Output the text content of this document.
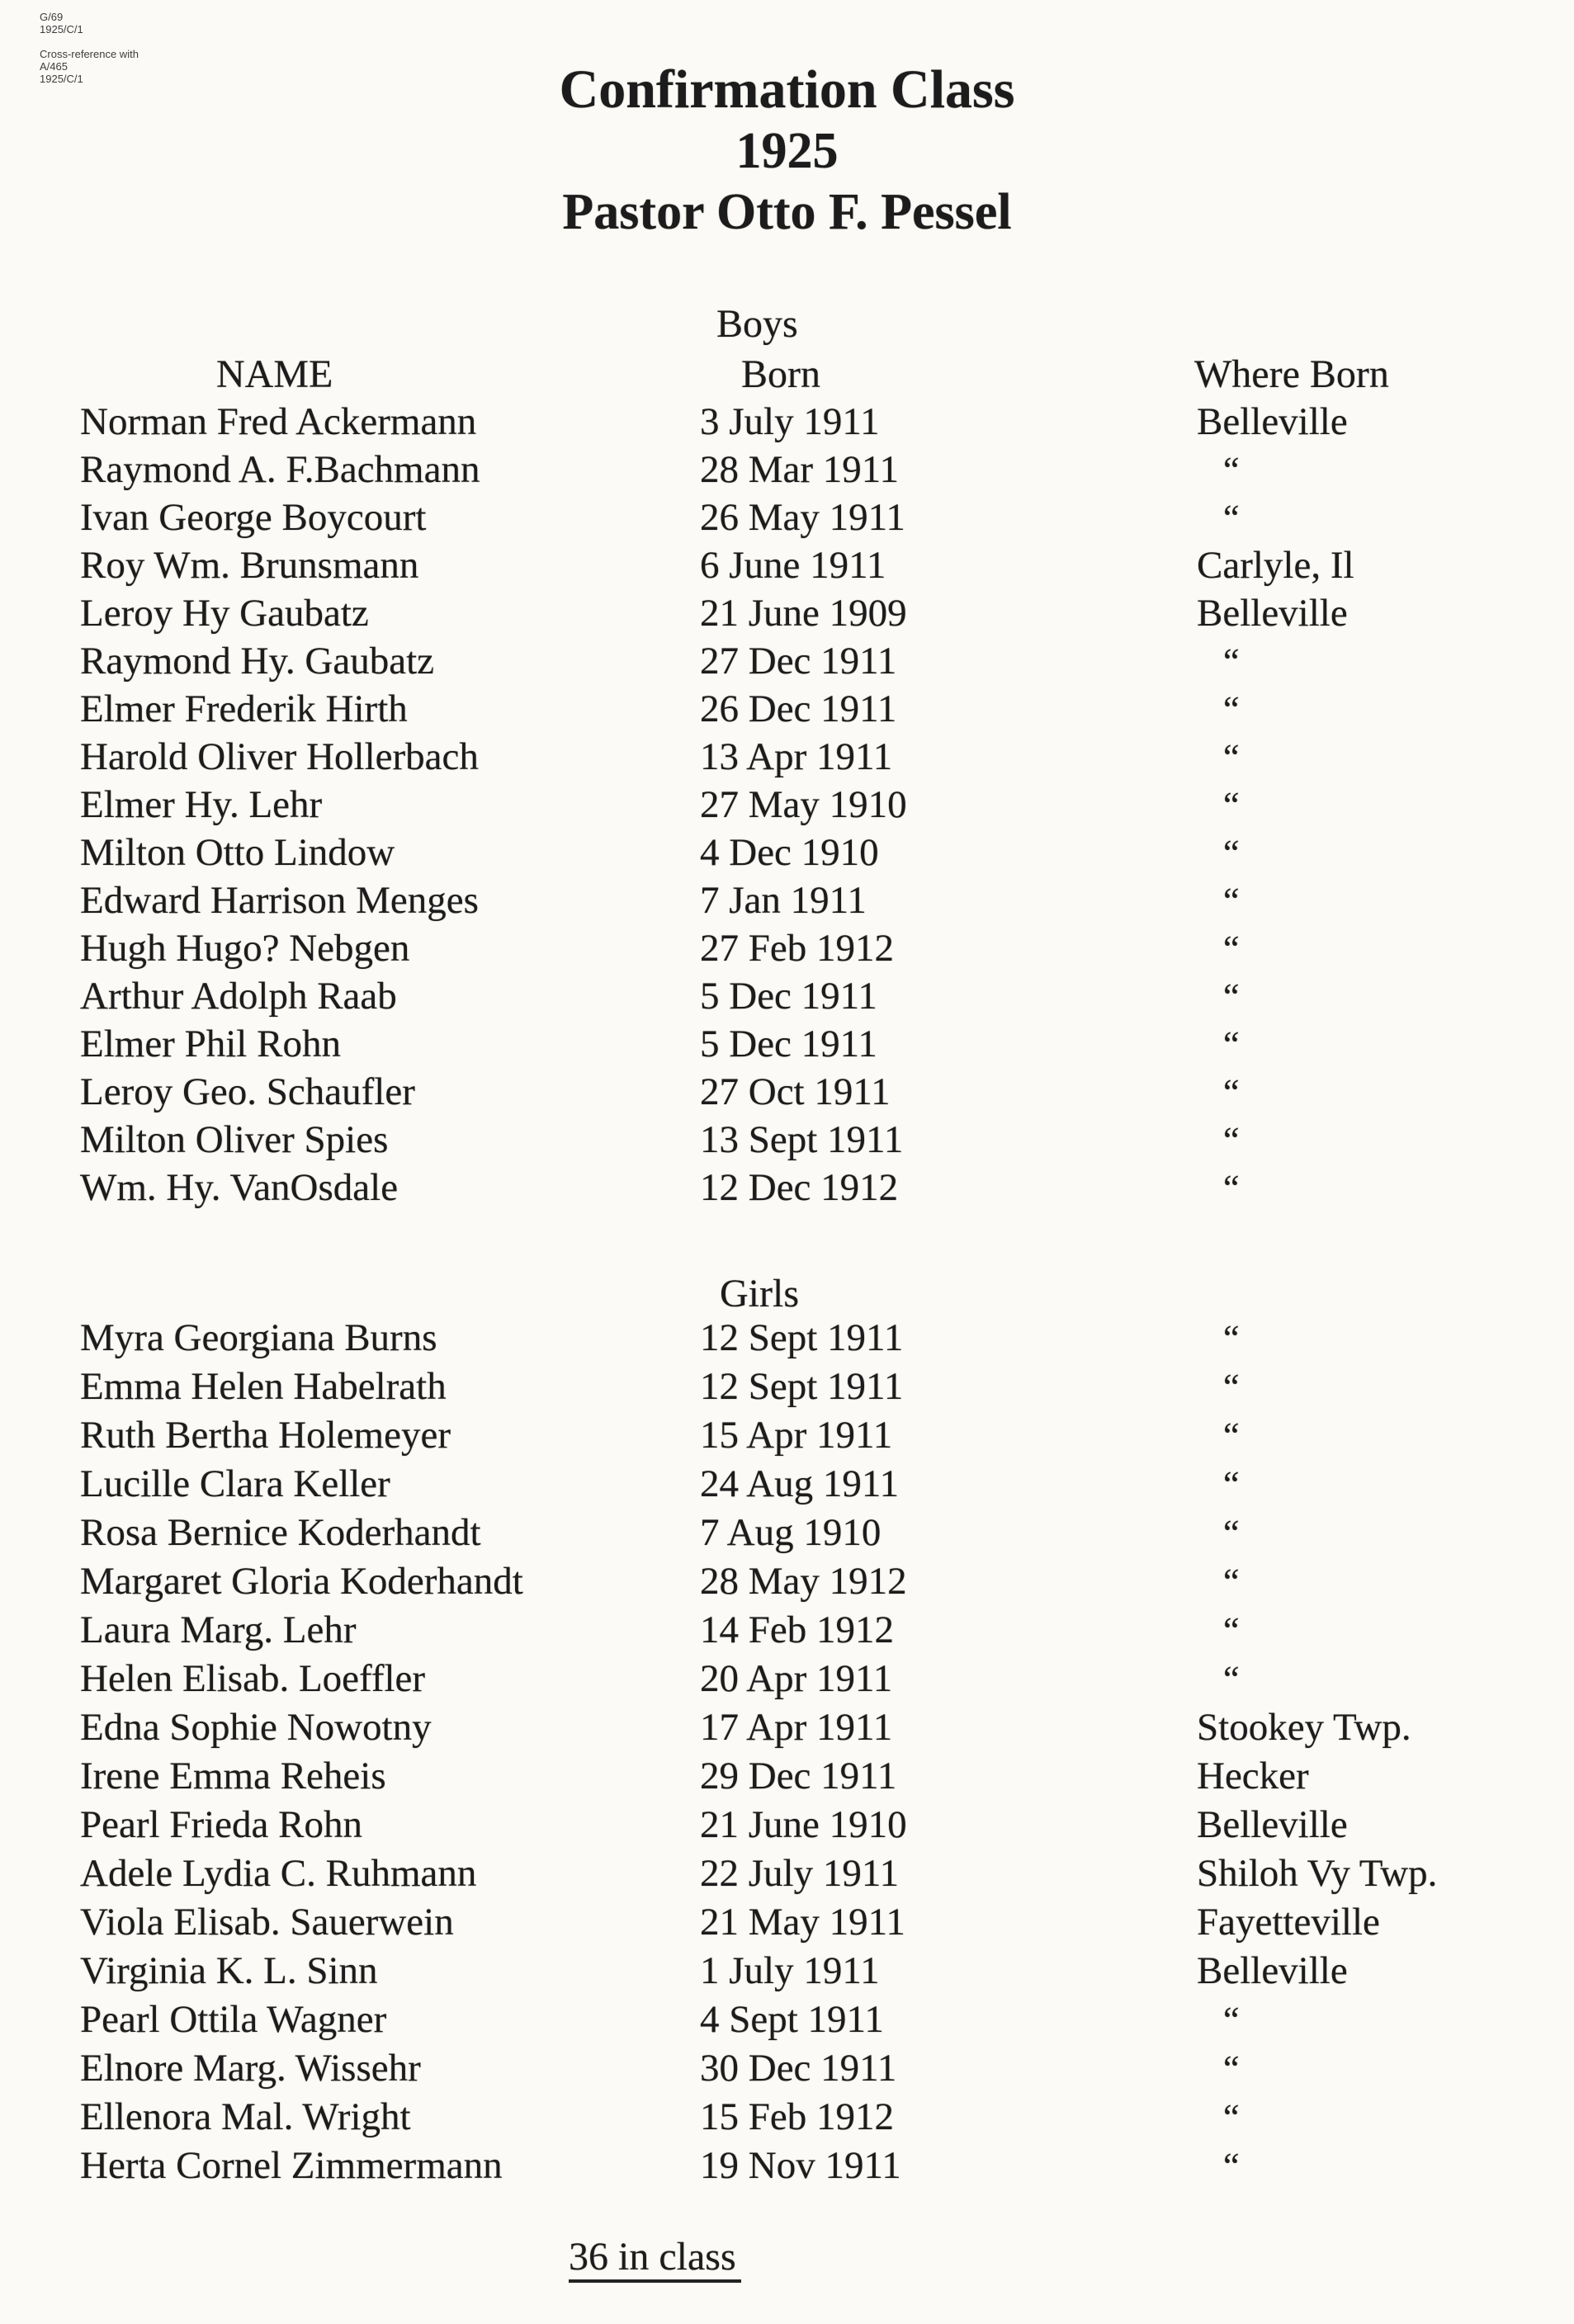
G/69
1925/C/1
Cross-reference with
A/465
1925/C/1	Confirmation Class
1925
Pastor Otto F. Pessel
Boys
NAME	Born	Where Born
Norman Fred Ackermann	3 July 1911	Belleville
Raymond A. F.Bachmann	28 Mar 1911	“
Ivan George Boycourt	26 May 1911	“
Roy Wm. Brunsmann	6 June 1911	Carlyle, Il
Leroy Hy Gaubatz	21 June 1909	Belleville
Raymond Hy. Gaubatz	27 Dec 1911	“
Elmer Frederik Hirth	26 Dec 1911	“
Harold Oliver Hollerbach	13 Apr 1911	“
Elmer Hy. Lehr	27 May 1910	“
Milton Otto Lindow	4 Dec 1910	“
Edward Harrison Menges	7 Jan 1911	“
Hugh Hugo? Nebgen	27 Feb 1912	“
Arthur Adolph Raab	5 Dec 1911	“
Elmer Phil Rohn	5 Dec 1911	“
Leroy Geo. Schaufler	27 Oct 1911	“
Milton Oliver Spies	13 Sept 1911	“
Wm. Hy. VanOsdale	12 Dec 1912	“
Girls
Myra Georgiana Burns	12 Sept 1911	“
Emma Helen Habelrath	12 Sept 1911	“
Ruth Bertha Holemeyer	15 Apr 1911	“
Lucille Clara Keller	24 Aug 1911	“
Rosa Bernice Koderhandt	7 Aug 1910	“
Margaret Gloria Koderhandt	28 May 1912	“
Laura Marg. Lehr	14 Feb 1912	“
Helen Elisab. Loeffler	20 Apr 1911	“
Edna Sophie Nowotny	17 Apr 1911	Stookey Twp.
Irene Emma Reheis	29 Dec 1911	Hecker
Pearl Frieda Rohn	21 June 1910	Belleville
Adele Lydia C. Ruhmann	22 July 1911	Shiloh Vy Twp.
Viola Elisab. Sauerwein	21 May 1911	Fayetteville
Virginia K. L. Sinn	1 July 1911	Belleville
Pearl Ottila Wagner	4 Sept 1911	“
Elnore Marg. Wissehr	30 Dec 1911	“
Ellenora Mal. Wright	15 Feb 1912	“
Herta Cornel Zimmermann	19 Nov 1911	“
36 in class
